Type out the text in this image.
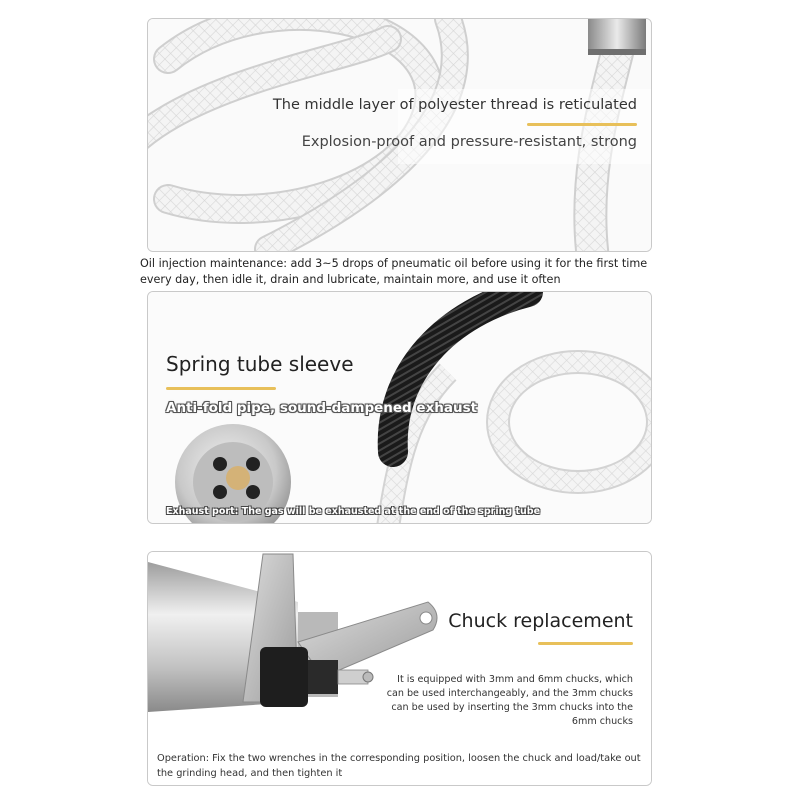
The middle layer of polyester thread is reticulated
Explosion-proof and pressure-resistant, strong
Oil injection maintenance: add 3~5 drops of pneumatic oil before using it for the first time every day, then idle it, drain and lubricate, maintain more, and use it often
Spring tube sleeve
Anti-fold pipe, sound-dampened exhaust
Exhaust port: The gas will be exhausted at the end of the spring tube
Chuck replacement
It is equipped with 3mm and 6mm chucks, which can be used interchangeably, and the 3mm chucks can be used by inserting the 3mm chucks into the 6mm chucks
Operation: Fix the two wrenches in the corresponding position, loosen the chuck and load/take out the grinding head, and then tighten it
